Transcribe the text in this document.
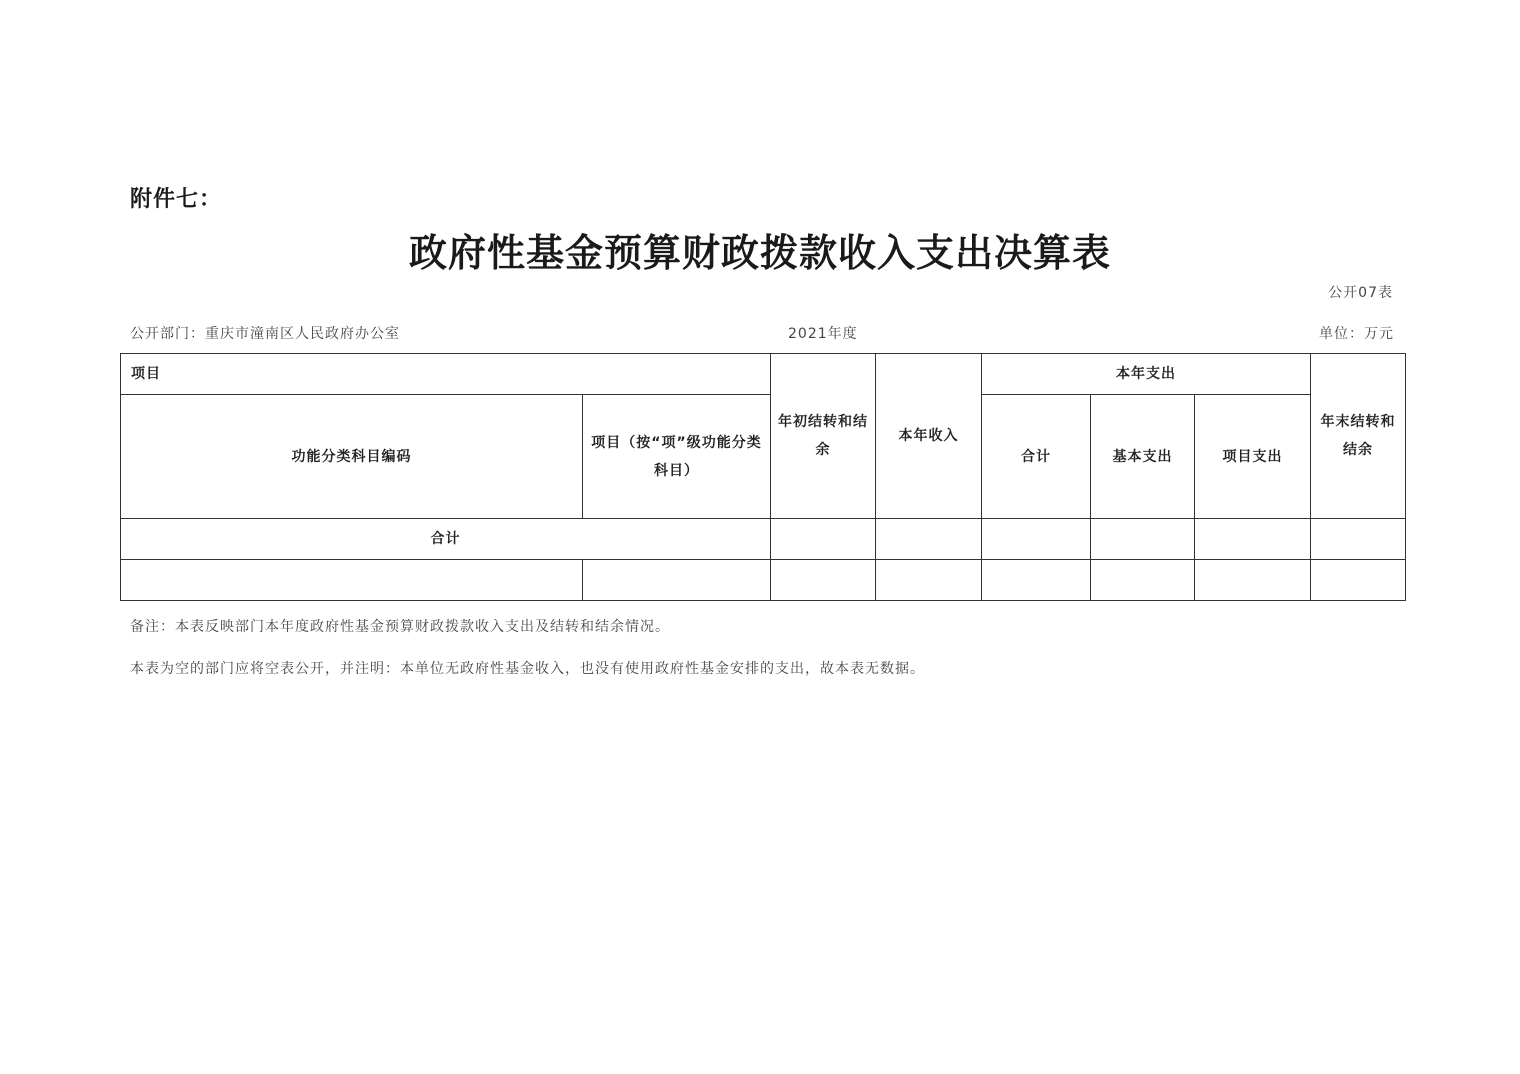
附件七：
政府性基金预算财政拨款收入支出决算表
公开07表
公开部门：重庆市潼南区人民政府办公室	2021年度	单位：万元
项目		年初结转和结余	本年收入	本年支出			年末结转和结余
功能分类科目编码	项目（按“项”级功能分类科目）			合计	基本支出	项目支出	
合计							

备注：本表反映部门本年度政府性基金预算财政拨款收入支出及结转和结余情况。
本表为空的部门应将空表公开，并注明：本单位无政府性基金收入，也没有使用政府性基金安排的支出，故本表无数据。
